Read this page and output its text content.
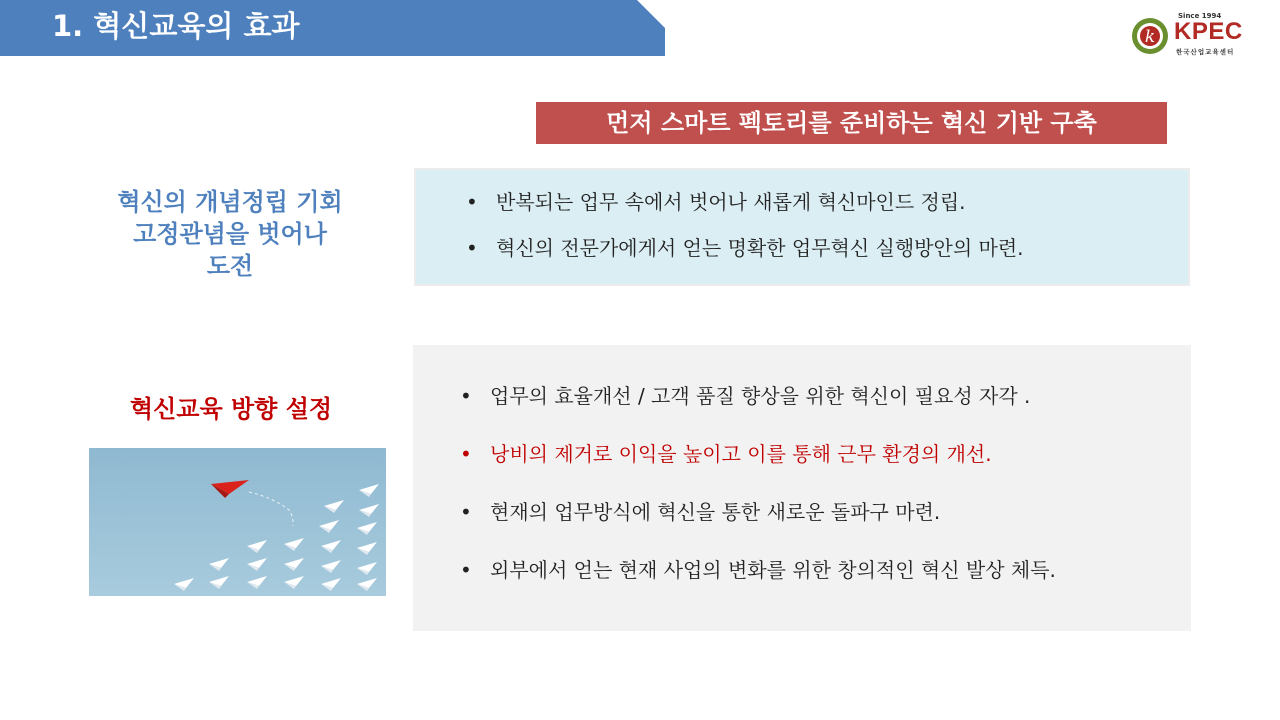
1. 혁신교육의 효과	k
Since 1994
KPEC
한국산업교육센터
먼저 스마트 펙토리를 준비하는 혁신 기반 구축
혁신의 개념정립 기회
고정관념을 벗어나
도전
혁신교육 방향 설정
• 반복되는 업무 속에서 벗어나 새롭게 혁신마인드 정립.
• 혁신의 전문가에게서 얻는 명확한 업무혁신 실행방안의 마련.
• 업무의 효율개선 / 고객 품질 향상을 위한 혁신이 필요성 자각 .
• 낭비의 제거로 이익을 높이고 이를 통해 근무 환경의 개선.
• 현재의 업무방식에 혁신을 통한 새로운 돌파구 마련.
• 외부에서 얻는 현재 사업의 변화를 위한 창의적인 혁신 발상 체득.
